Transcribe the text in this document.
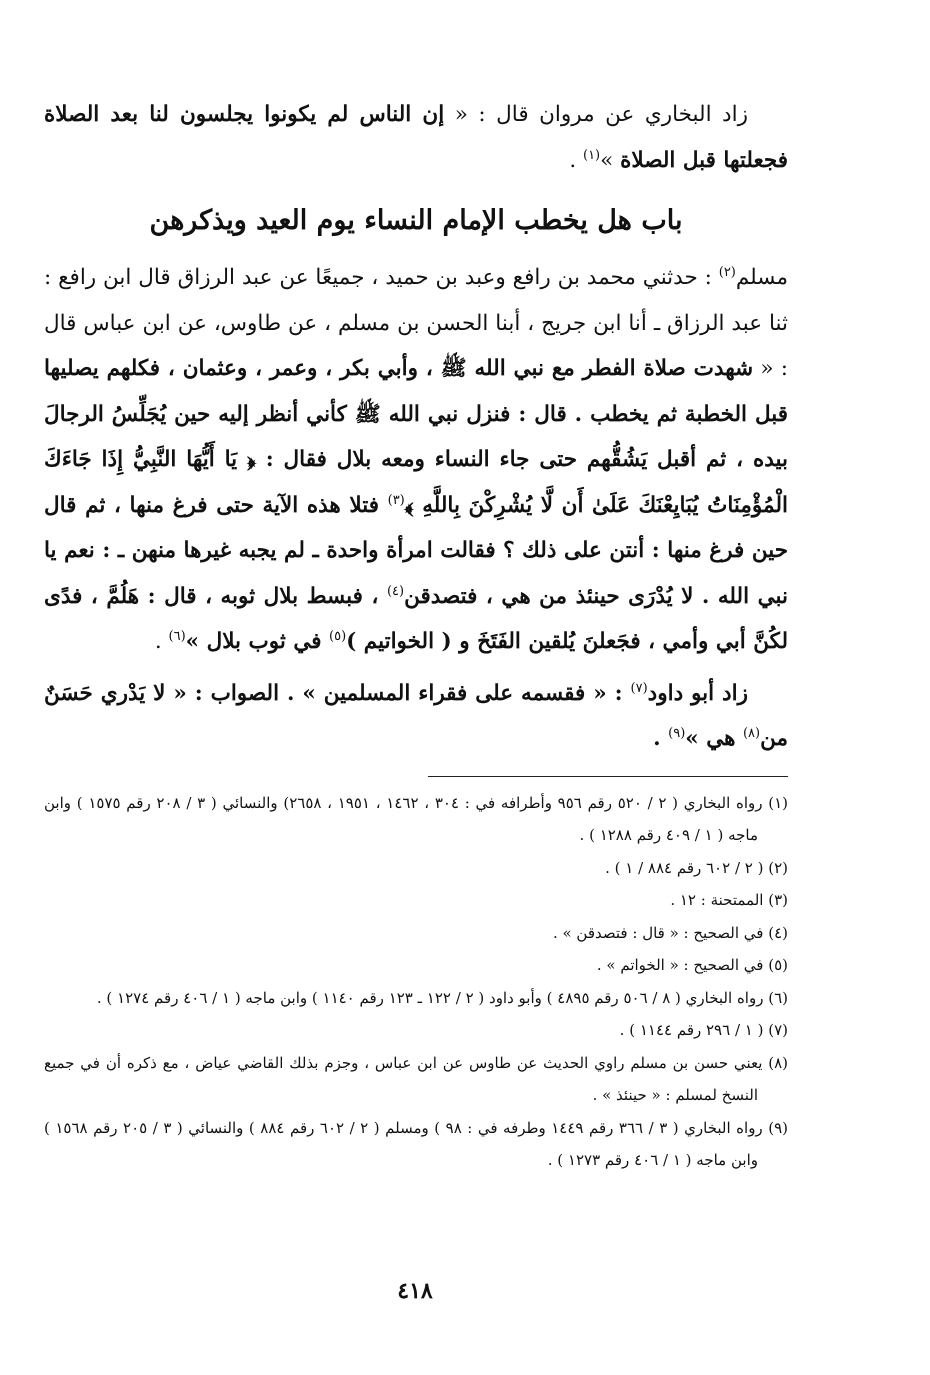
زاد البخاري عن مروان قال : « إن الناس لم يكونوا يجلسون لنا بعد الصلاة فجعلتها قبل الصلاة »$^{(١)}$ .

باب هل يخطب الإمام النساء يوم العيد ويذكرهن

مسلم$^{(٢)}$ : حدثني محمد بن رافع وعبد بن حميد ، جميعًا عن عبد الرزاق قال ابن رافع : ثنا عبد الرزاق ـ أنا ابن جريج ، أبنا الحسن بن مسلم ، عن طاوس، عن ابن عباس قال : « شهدت صلاة الفطر مع نبي الله ﷺ ، وأبي بكر ، وعمر ، وعثمان ، فكلهم يصليها قبل الخطبة ثم يخطب . قال : فنزل نبي الله ﷺ كأني أنظر إليه حين يُجَلِّسُ الرجالَ بيده ، ثم أقبل يَشُقُّهم حتى جاء النساء ومعه بلال فقال : ﴿ يَا أَيُّهَا النَّبِيُّ إِذَا جَاءَكَ الْمُؤْمِنَاتُ يُبَايِعْنَكَ عَلَىٰ أَن لَّا يُشْرِكْنَ بِاللَّهِ ﴾$^{(٣)}$ فتلا هذه الآية حتى فرغ منها ، ثم قال حين فرغ منها : أنتن على ذلك ؟ فقالت امرأة واحدة ـ لم يجبه غيرها منهن ـ : نعم يا نبي الله . لا يُدْرَى حينئذ من هي ، فتصدقن$^{(٤)}$ ، فبسط بلال ثوبه ، قال : هَلُمَّ ، فدًى لكُنَّ أبي وأمي ، فجَعلنَ يُلقين الفَتَخَ و ( الخواتيم )$^{(٥)}$ في ثوب بلال »$^{(٦)}$ .

زاد أبو داود$^{(٧)}$ : « فقسمه على فقراء المسلمين » . الصواب : « لا يَدْري حَسَنٌ من$^{(٨)}$ هي »$^{(٩)}$ .

(١) رواه البخاري ( ٢ / ٥٢٠ رقم ٩٥٦ وأطرافه في : ٣٠٤ ، ١٤٦٢ ، ١٩٥١ ، ٢٦٥٨) والنسائي ( ٣ / ٢٠٨ رقم ١٥٧٥ ) وابن ماجه ( ١ / ٤٠٩ رقم ١٢٨٨ ) .

(٢) ( ٢ / ٦٠٢ رقم ٨٨٤ / ١ ) .

(٣) الممتحنة : ١٢ .

(٤) في الصحيح : « قال : فتصدقن » .

(٥) في الصحيح : « الخواتم » .

(٦) رواه البخاري ( ٨ / ٥٠٦ رقم ٤٨٩٥ ) وأبو داود ( ٢ / ١٢٢ ـ ١٢٣ رقم ١١٤٠ ) وابن ماجه ( ١ / ٤٠٦ رقم ١٢٧٤ ) .

(٧) ( ١ / ٢٩٦ رقم ١١٤٤ ) .

(٨) يعني حسن بن مسلم راوي الحديث عن طاوس عن ابن عباس ، وجزم بذلك القاضي عياض ، مع ذكره أن في جميع النسخ لمسلم : « حينئذ » .

(٩) رواه البخاري ( ٣ / ٣٦٦ رقم ١٤٤٩ وطرفه في : ٩٨ ) ومسلم ( ٢ / ٦٠٢ رقم ٨٨٤ ) والنسائي ( ٣ / ٢٠٥ رقم ١٥٦٨ ) وابن ماجه ( ١ / ٤٠٦ رقم ١٢٧٣ ) .

٤١٨
